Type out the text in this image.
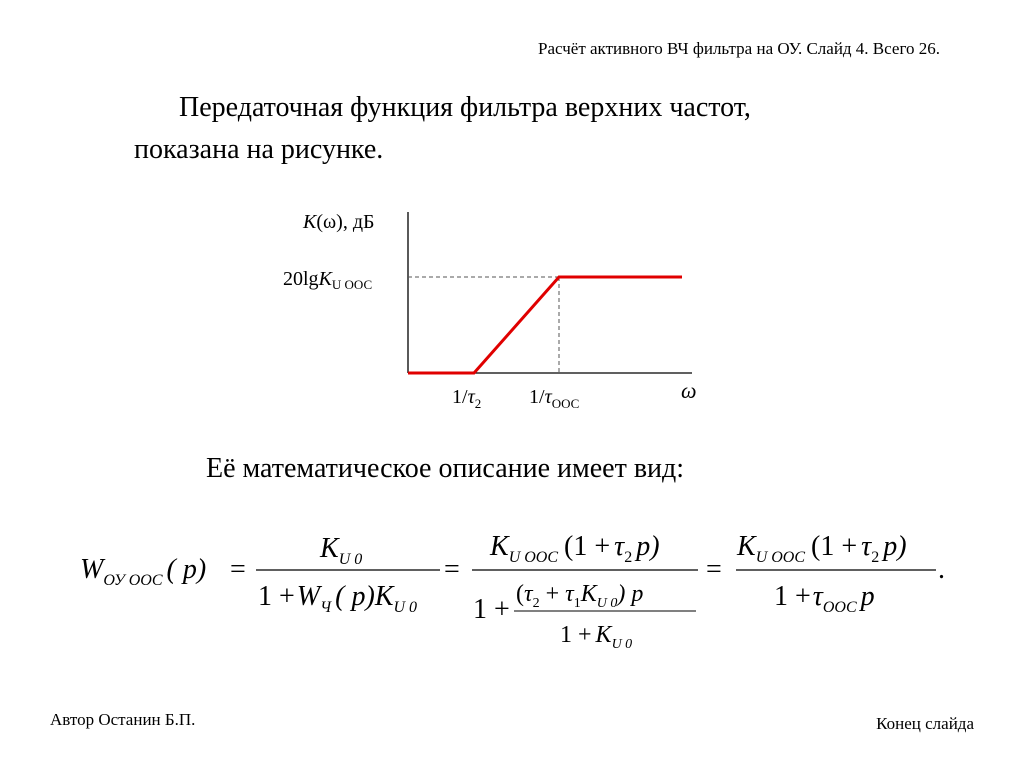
Расчёт активного ВЧ фильтра на ОУ. Слайд 4. Всего 26.
Передаточная функция фильтра верхних частот,
показана на рисунке.
K(ω), дБ
20lgK$_{U ООС}$
ω
$1/\tau_2$ $1/\tau_{ООС}$
Её математическое описание имеет вид:
$W_{ОУ ООС}$ ( p) =
$K_{U 0}$
$1 +W_Ч$ ( $p)K_{U 0}$
=
$K_{U ООС}$ ($1 + \tau_2$ p)
$1 + (\tau_2 + \tau_1K_{U 0})$ p
$1 + K_{U 0}$
=
$K_{U ООС}$ ($1 + \tau_2$ p)
$1 +\tau_{ООС}$ p
.
Автор Останин Б.П.	Конец слайда
